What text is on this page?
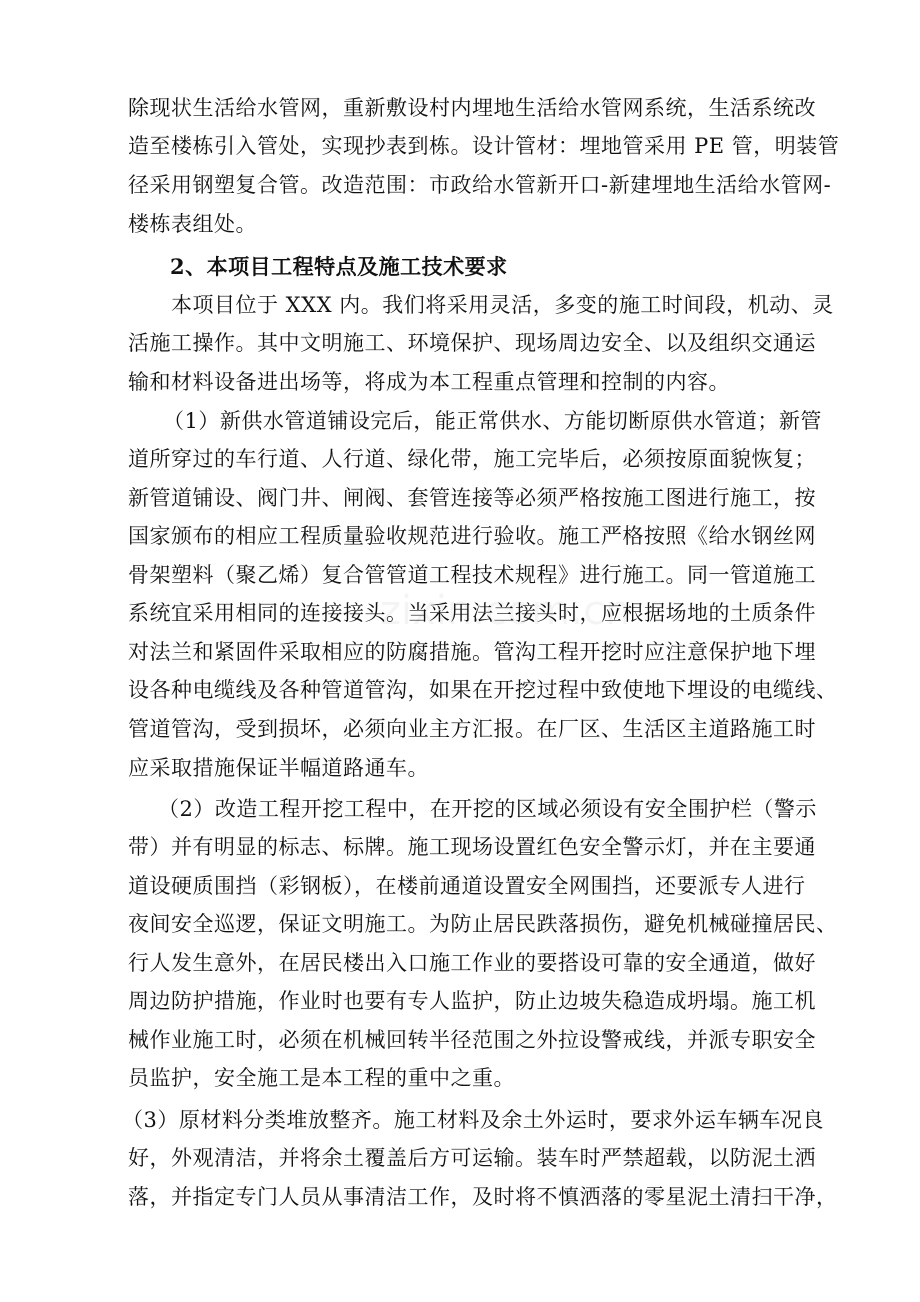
除现状生活给水管网，重新敷设村内埋地生活给水管网系统，生活系统改
造至楼栋引入管处，实现抄表到栋。设计管材：埋地管采用 PE 管，明装管
径采用钢塑复合管。改造范围：市政给水管新开口-新建埋地生活给水管网-
楼栋表组处。
2、本项目工程特点及施工技术要求
本项目位于 XXX 内。我们将采用灵活，多变的施工时间段，机动、灵
活施工操作。其中文明施工、环境保护、现场周边安全、以及组织交通运
输和材料设备进出场等，将成为本工程重点管理和控制的内容。
（1）新供水管道铺设完后，能正常供水、方能切断原供水管道；新管
道所穿过的车行道、人行道、绿化带，施工完毕后，必须按原面貌恢复；
新管道铺设、阀门井、闸阀、套管连接等必须严格按施工图进行施工，按
国家颁布的相应工程质量验收规范进行验收。施工严格按照《给水钢丝网
骨架塑料（聚乙烯）复合管管道工程技术规程》进行施工。同一管道施工
系统宜采用相同的连接接头。当采用法兰接头时，应根据场地的土质条件
对法兰和紧固件采取相应的防腐措施。管沟工程开挖时应注意保护地下埋
设各种电缆线及各种管道管沟，如果在开挖过程中致使地下埋设的电缆线、
管道管沟，受到损坏，必须向业主方汇报。在厂区、生活区主道路施工时
应采取措施保证半幅道路通车。
（2）改造工程开挖工程中，在开挖的区域必须设有安全围护栏（警示
带）并有明显的标志、标牌。施工现场设置红色安全警示灯，并在主要通
道设硬质围挡（彩钢板），在楼前通道设置安全网围挡，还要派专人进行
夜间安全巡逻，保证文明施工。为防止居民跌落损伤，避免机械碰撞居民、
行人发生意外，在居民楼出入口施工作业的要搭设可靠的安全通道，做好
周边防护措施，作业时也要有专人监护，防止边坡失稳造成坍塌。施工机
械作业施工时，必须在机械回转半径范围之外拉设警戒线，并派专职安全
员监护，安全施工是本工程的重中之重。
（3）原材料分类堆放整齐。施工材料及余土外运时，要求外运车辆车况良
好，外观清洁，并将余土覆盖后方可运输。装车时严禁超载，以防泥土洒
落，并指定专门人员从事清洁工作，及时将不慎洒落的零星泥土清扫干净，
